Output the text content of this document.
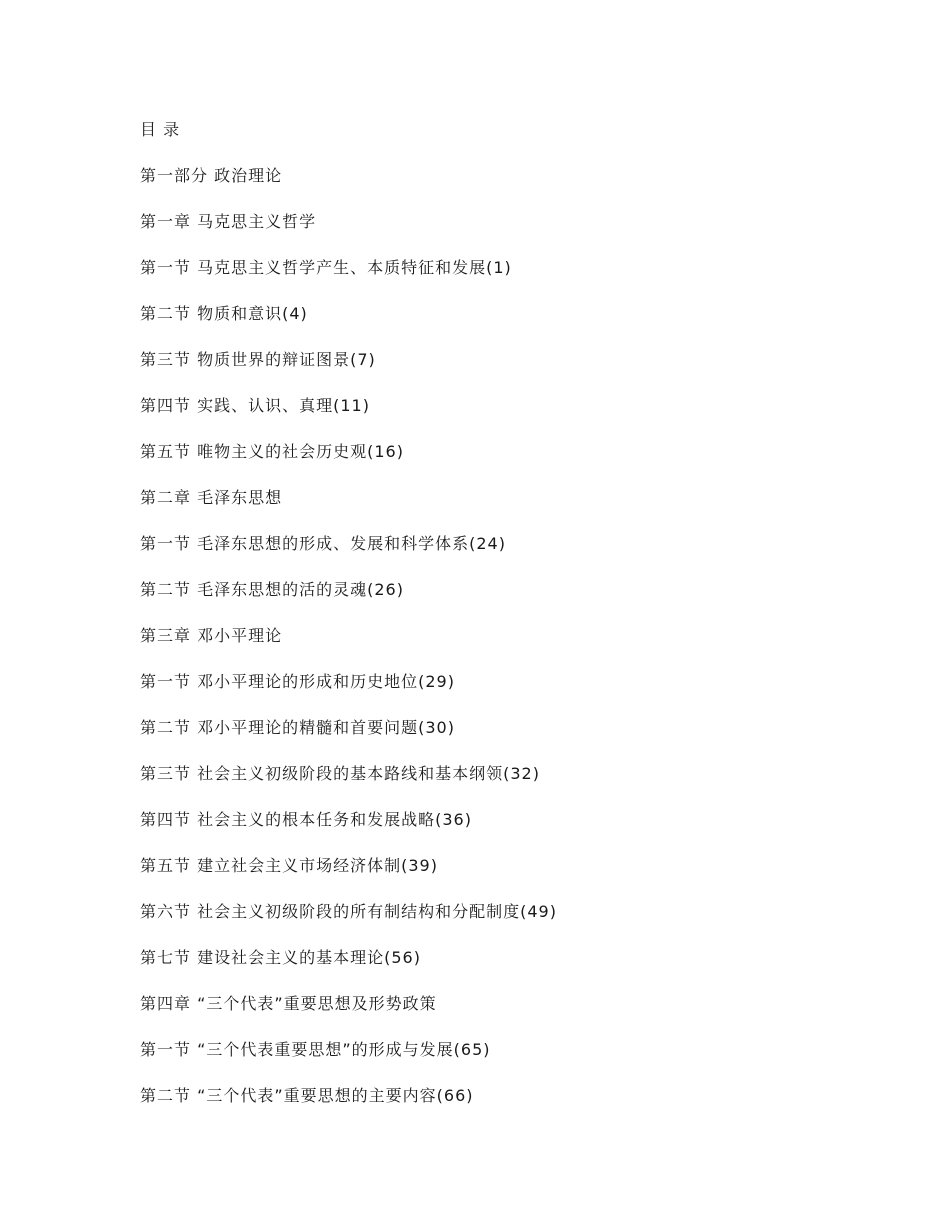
目 录
第一部分 政治理论
第一章 马克思主义哲学
第一节 马克思主义哲学产生、本质特征和发展(1)
第二节 物质和意识(4)
第三节 物质世界的辩证图景(7)
第四节 实践、认识、真理(11)
第五节 唯物主义的社会历史观(16)
第二章 毛泽东思想
第一节 毛泽东思想的形成、发展和科学体系(24)
第二节 毛泽东思想的活的灵魂(26)
第三章 邓小平理论
第一节 邓小平理论的形成和历史地位(29)
第二节 邓小平理论的精髓和首要问题(30)
第三节 社会主义初级阶段的基本路线和基本纲领(32)
第四节 社会主义的根本任务和发展战略(36)
第五节 建立社会主义市场经济体制(39)
第六节 社会主义初级阶段的所有制结构和分配制度(49)
第七节 建设社会主义的基本理论(56)
第四章 “三个代表”重要思想及形势政策
第一节 “三个代表重要思想”的形成与发展(65)
第二节 “三个代表”重要思想的主要内容(66)
